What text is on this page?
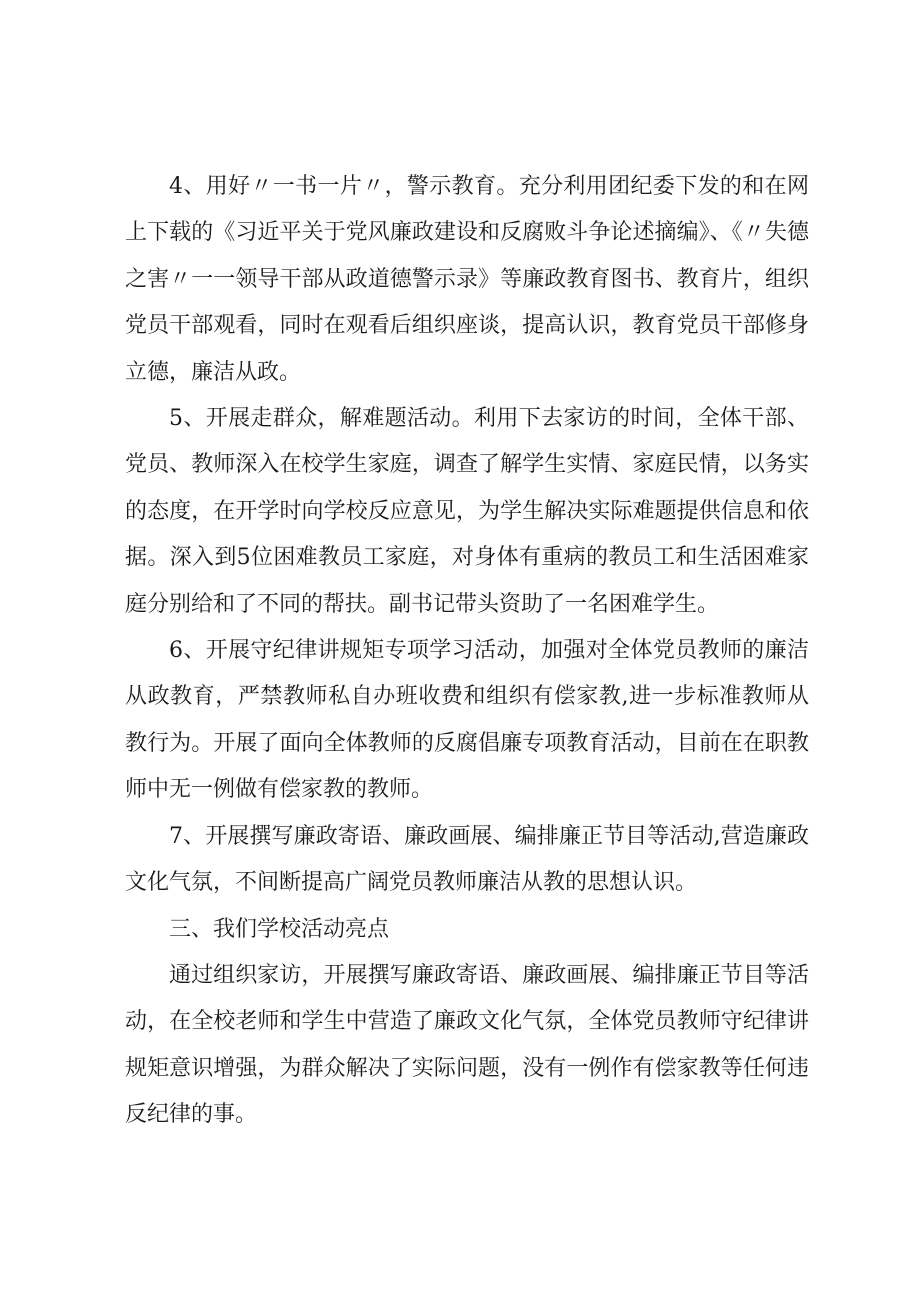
4、用好〃一书一片〃，警示教育。充分利用团纪委下发的和在网上下载的《习近平关于党风廉政建设和反腐败斗争论述摘编》、《〃失德之害〃一一领导干部从政道德警示录》等廉政教育图书、教育片，组织党员干部观看，同时在观看后组织座谈，提高认识，教育党员干部修身立德，廉洁从政。

5、开展走群众，解难题活动。利用下去家访的时间，全体干部、党员、教师深入在校学生家庭，调查了解学生实情、家庭民情，以务实的态度，在开学时向学校反应意见，为学生解决实际难题提供信息和依据。深入到5位困难教员工家庭，对身体有重病的教员工和生活困难家庭分别给和了不同的帮扶。副书记带头资助了一名困难学生。

6、开展守纪律讲规矩专项学习活动，加强对全体党员教师的廉洁从政教育，严禁教师私自办班收费和组织有偿家教,进一步标准教师从教行为。开展了面向全体教师的反腐倡廉专项教育活动，目前在在职教师中无一例做有偿家教的教师。

7、开展撰写廉政寄语、廉政画展、编排廉正节目等活动,营造廉政文化气氛，不间断提高广阔党员教师廉洁从教的思想认识。

三、我们学校活动亮点

通过组织家访，开展撰写廉政寄语、廉政画展、编排廉正节目等活动，在全校老师和学生中营造了廉政文化气氛，全体党员教师守纪律讲规矩意识增强，为群众解决了实际问题，没有一例作有偿家教等任何违反纪律的事。
